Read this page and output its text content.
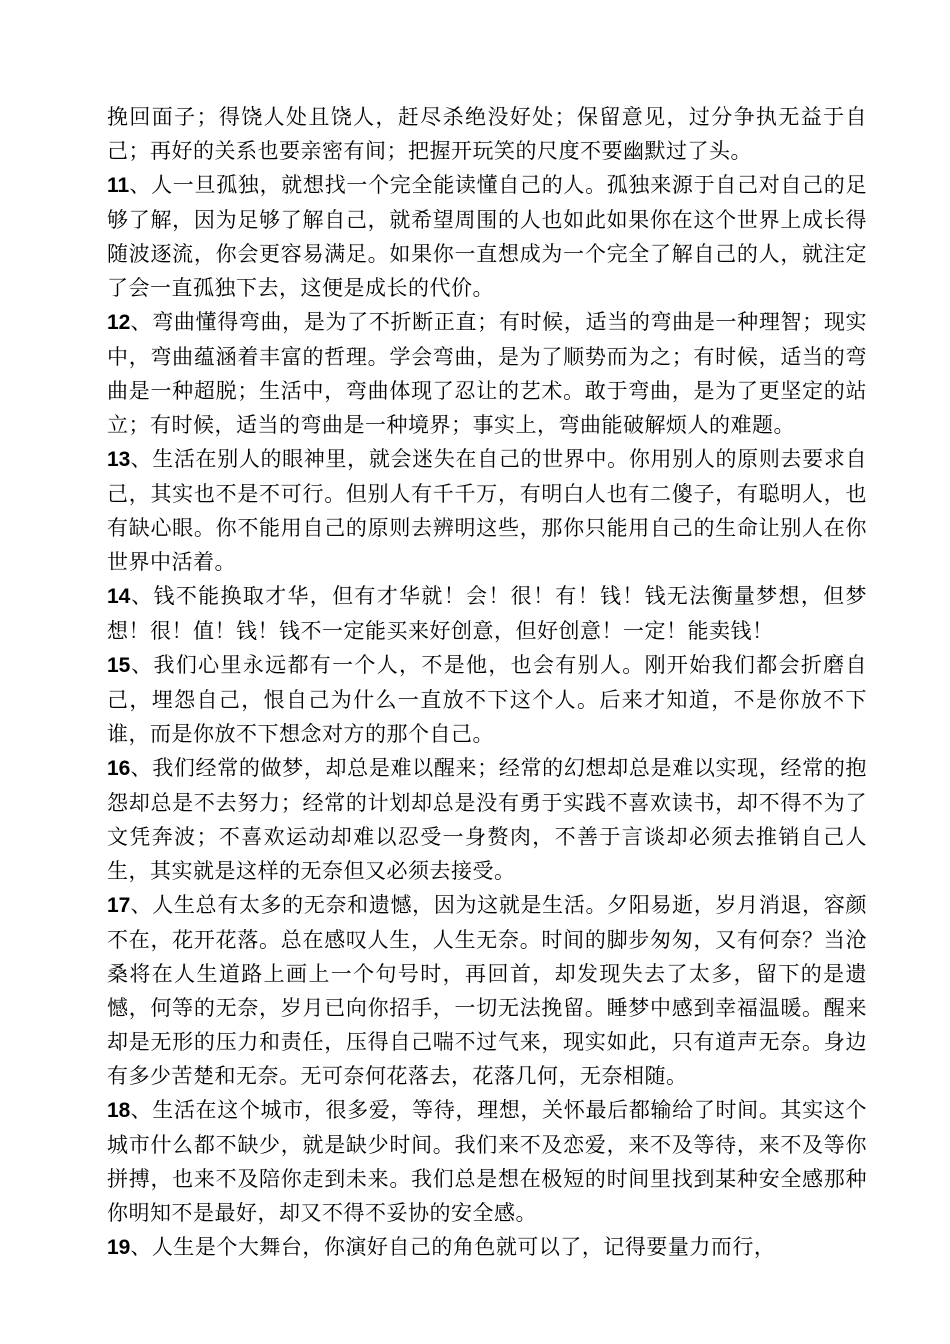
挽回面子；得饶人处且饶人，赶尽杀绝没好处；保留意见，过分争执无益于自己；再好的关系也要亲密有间；把握开玩笑的尺度不要幽默过了头。

11、人一旦孤独，就想找一个完全能读懂自己的人。孤独来源于自己对自己的足够了解，因为足够了解自己，就希望周围的人也如此如果你在这个世界上成长得随波逐流，你会更容易满足。如果你一直想成为一个完全了解自己的人，就注定了会一直孤独下去，这便是成长的代价。

12、弯曲懂得弯曲，是为了不折断正直；有时候，适当的弯曲是一种理智；现实中，弯曲蕴涵着丰富的哲理。学会弯曲，是为了顺势而为之；有时候，适当的弯曲是一种超脱；生活中，弯曲体现了忍让的艺术。敢于弯曲，是为了更坚定的站立；有时候，适当的弯曲是一种境界；事实上，弯曲能破解烦人的难题。

13、生活在别人的眼神里，就会迷失在自己的世界中。你用别人的原则去要求自己，其实也不是不可行。但别人有千千万，有明白人也有二傻子，有聪明人，也有缺心眼。你不能用自己的原则去辨明这些，那你只能用自己的生命让别人在你世界中活着。

14、钱不能换取才华，但有才华就！会！很！有！钱！钱无法衡量梦想，但梦想！很！值！钱！钱不一定能买来好创意，但好创意！一定！能卖钱！

15、我们心里永远都有一个人，不是他，也会有别人。刚开始我们都会折磨自己，埋怨自己，恨自己为什么一直放不下这个人。后来才知道，不是你放不下谁，而是你放不下想念对方的那个自己。

16、我们经常的做梦，却总是难以醒来；经常的幻想却总是难以实现，经常的抱怨却总是不去努力；经常的计划却总是没有勇于实践不喜欢读书，却不得不为了文凭奔波；不喜欢运动却难以忍受一身赘肉，不善于言谈却必须去推销自己人生，其实就是这样的无奈但又必须去接受。

17、人生总有太多的无奈和遗憾，因为这就是生活。夕阳易逝，岁月消退，容颜不在，花开花落。总在感叹人生，人生无奈。时间的脚步匆匆，又有何奈？当沧桑将在人生道路上画上一个句号时，再回首，却发现失去了太多，留下的是遗憾，何等的无奈，岁月已向你招手，一切无法挽留。睡梦中感到幸福温暖。醒来却是无形的压力和责任，压得自己喘不过气来，现实如此，只有道声无奈。身边有多少苦楚和无奈。无可奈何花落去，花落几何，无奈相随。

18、生活在这个城市，很多爱，等待，理想，关怀最后都输给了时间。其实这个城市什么都不缺少，就是缺少时间。我们来不及恋爱，来不及等待，来不及等你拼搏，也来不及陪你走到未来。我们总是想在极短的时间里找到某种安全感那种你明知不是最好，却又不得不妥协的安全感。

19、人生是个大舞台，你演好自己的角色就可以了，记得要量力而行，
